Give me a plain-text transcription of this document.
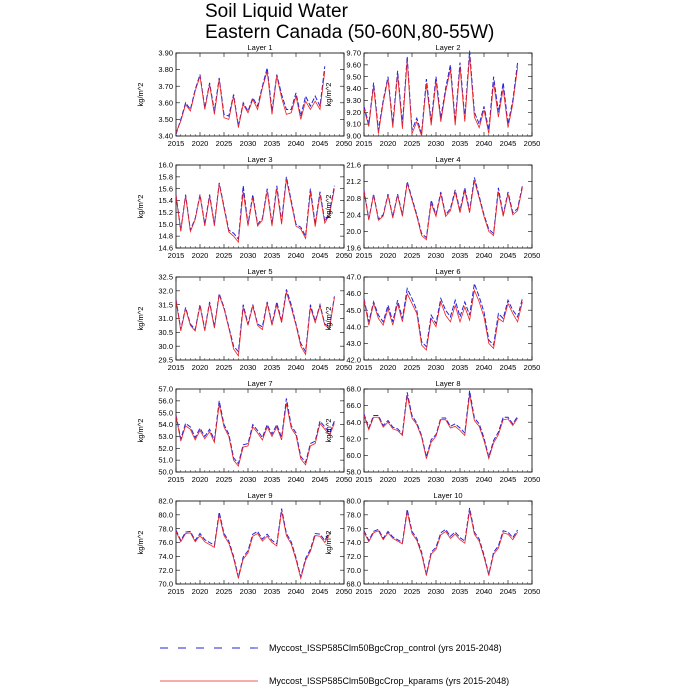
Soil Liquid Water
Eastern Canada (50-60N,80-55W)
Layer 1
kg/m^2
2015 2020 2025 2030 2035 2040 2045 2050
3.40
3.50
3.60
3.70
3.80
3.90
Layer 2
kg/m^2
2015 2020 2025 2030 2035 2040 2045 2050
9.00
9.10
9.20
9.30
9.40
9.50
9.60
9.70
Layer 3
kg/m^2
2015 2020 2025 2030 2035 2040 2045 2050
14.6
14.8
15.0
15.2
15.4
15.6
15.8
16.0
Layer 4
kg/m^2
2015 2020 2025 2030 2035 2040 2045 2050
19.6
20.0
20.4
20.8
21.2
21.6
Layer 5
kg/m^2
2015 2020 2025 2030 2035 2040 2045 2050
29.5
30.0
30.5
31.0
31.5
32.0
32.5
Layer 6
kg/m^2
2015 2020 2025 2030 2035 2040 2045 2050
42.0
43.0
44.0
45.0
46.0
47.0
Layer 7
kg/m^2
2015 2020 2025 2030 2035 2040 2045 2050
50.0
51.0
52.0
53.0
54.0
55.0
56.0
57.0
Layer 8
kg/m^2
2015 2020 2025 2030 2035 2040 2045 2050
58.0
60.0
62.0
64.0
66.0
68.0
Layer 9
kg/m^2
2015 2020 2025 2030 2035 2040 2045 2050
70.0
72.0
74.0
76.0
78.0
80.0
82.0
Layer 10
kg/m^2
2015 2020 2025 2030 2035 2040 2045 2050
68.0
70.0
72.0
74.0
76.0
78.0
80.0
Myccost_ISSP585Clm50BgcCrop_control (yrs 2015-2048)
Myccost_ISSP585Clm50BgcCrop_kparams (yrs 2015-2048)
